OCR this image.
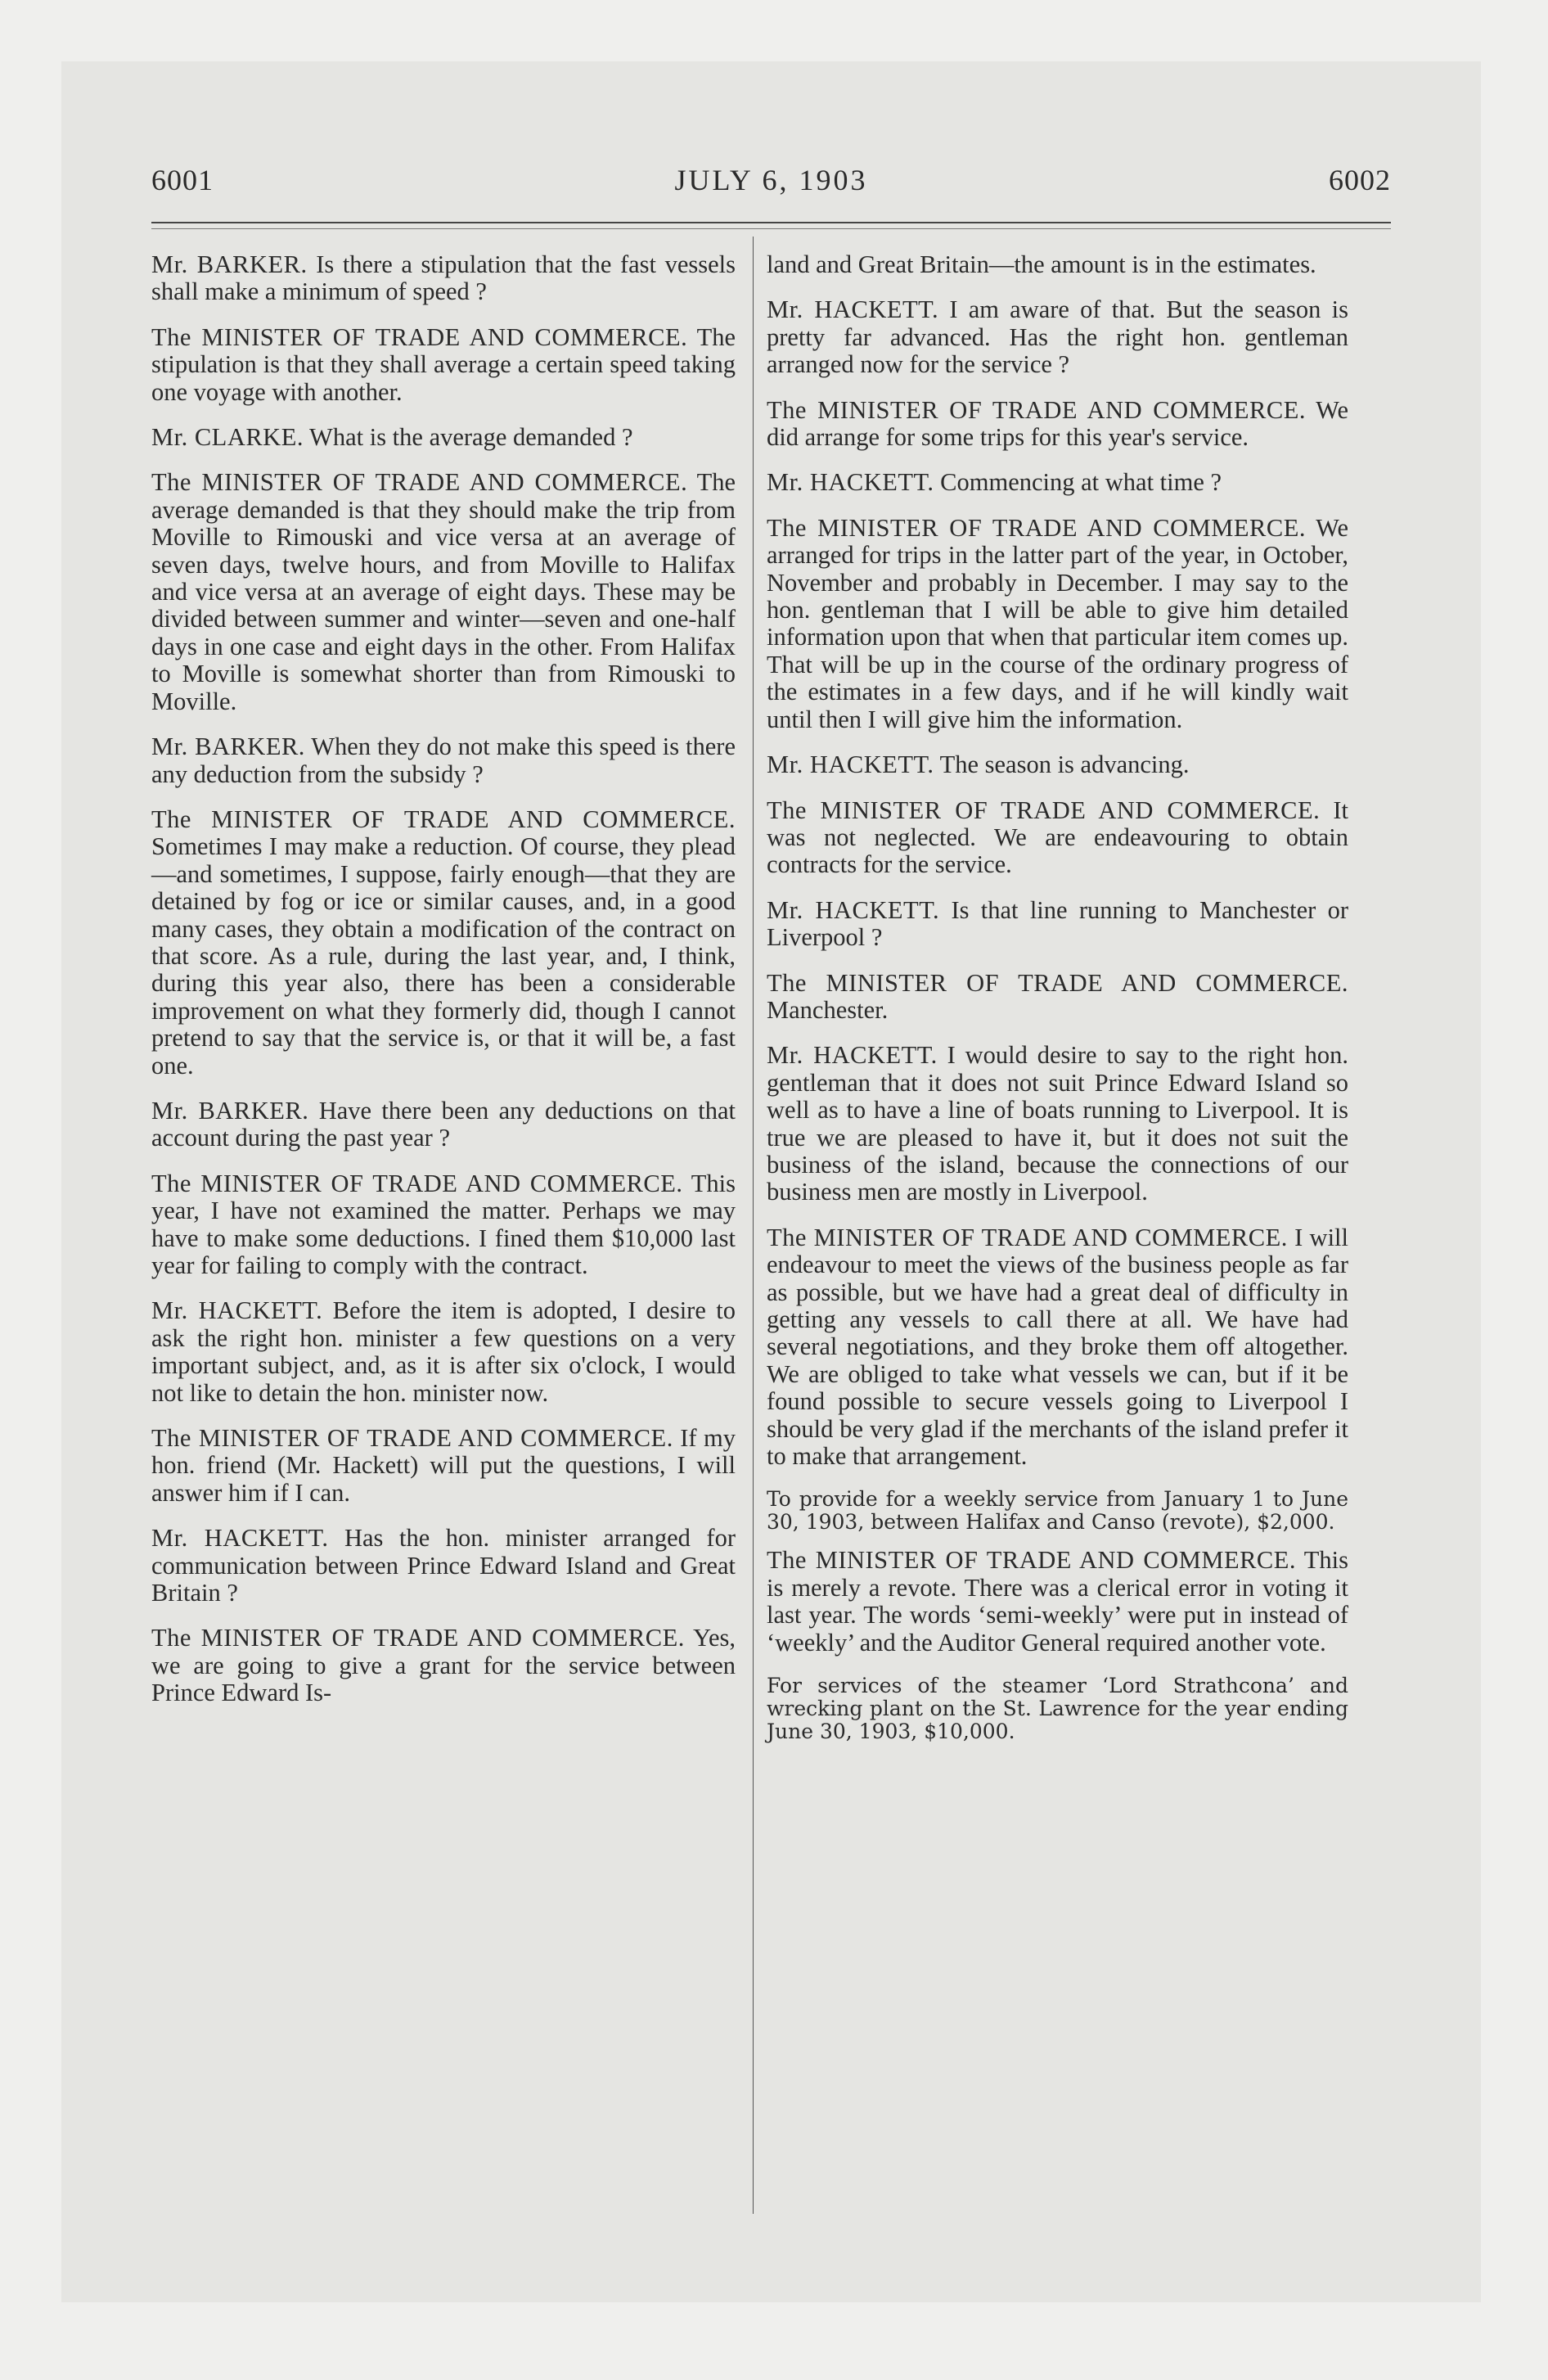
6001	JULY 6, 1903	6002

Mr. BARKER. Is there a stipulation that the fast vessels shall make a minimum of speed ?

The MINISTER OF TRADE AND COMMERCE. The stipulation is that they shall average a certain speed taking one voyage with another.

Mr. CLARKE. What is the average demanded ?

The MINISTER OF TRADE AND COMMERCE. The average demanded is that they should make the trip from Moville to Rimouski and vice versa at an average of seven days, twelve hours, and from Moville to Halifax and vice versa at an average of eight days. These may be divided between summer and winter—seven and one-half days in one case and eight days in the other. From Halifax to Moville is somewhat shorter than from Rimouski to Moville.

Mr. BARKER. When they do not make this speed is there any deduction from the subsidy ?

The MINISTER OF TRADE AND COMMERCE. Sometimes I may make a reduction. Of course, they plead—and sometimes, I suppose, fairly enough—that they are detained by fog or ice or similar causes, and, in a good many cases, they obtain a modification of the contract on that score. As a rule, during the last year, and, I think, during this year also, there has been a considerable improvement on what they formerly did, though I cannot pretend to say that the service is, or that it will be, a fast one.

Mr. BARKER. Have there been any deductions on that account during the past year ?

The MINISTER OF TRADE AND COMMERCE. This year, I have not examined the matter. Perhaps we may have to make some deductions. I fined them $10,000 last year for failing to comply with the contract.

Mr. HACKETT. Before the item is adopted, I desire to ask the right hon. minister a few questions on a very important subject, and, as it is after six o'clock, I would not like to detain the hon. minister now.

The MINISTER OF TRADE AND COMMERCE. If my hon. friend (Mr. Hackett) will put the questions, I will answer him if I can.

Mr. HACKETT. Has the hon. minister arranged for communication between Prince Edward Island and Great Britain ?

The MINISTER OF TRADE AND COMMERCE. Yes, we are going to give a grant for the service between Prince Edward Is-

land and Great Britain—the amount is in the estimates.

Mr. HACKETT. I am aware of that. But the season is pretty far advanced. Has the right hon. gentleman arranged now for the service ?

The MINISTER OF TRADE AND COMMERCE. We did arrange for some trips for this year's service.

Mr. HACKETT. Commencing at what time ?

The MINISTER OF TRADE AND COMMERCE. We arranged for trips in the latter part of the year, in October, November and probably in December. I may say to the hon. gentleman that I will be able to give him detailed information upon that when that particular item comes up. That will be up in the course of the ordinary progress of the estimates in a few days, and if he will kindly wait until then I will give him the information.

Mr. HACKETT. The season is advancing.

The MINISTER OF TRADE AND COMMERCE. It was not neglected. We are endeavouring to obtain contracts for the service.

Mr. HACKETT. Is that line running to Manchester or Liverpool ?

The MINISTER OF TRADE AND COMMERCE. Manchester.

Mr. HACKETT. I would desire to say to the right hon. gentleman that it does not suit Prince Edward Island so well as to have a line of boats running to Liverpool. It is true we are pleased to have it, but it does not suit the business of the island, because the connections of our business men are mostly in Liverpool.

The MINISTER OF TRADE AND COMMERCE. I will endeavour to meet the views of the business people as far as possible, but we have had a great deal of difficulty in getting any vessels to call there at all. We have had several negotiations, and they broke them off altogether. We are obliged to take what vessels we can, but if it be found possible to secure vessels going to Liverpool I should be very glad if the merchants of the island prefer it to make that arrangement.

To provide for a weekly service from January 1 to June 30, 1903, between Halifax and Canso (revote), $2,000.

The MINISTER OF TRADE AND COMMERCE. This is merely a revote. There was a clerical error in voting it last year. The words ‘semi-weekly’ were put in instead of ‘weekly’ and the Auditor General required another vote.

For services of the steamer ‘Lord Strathcona’ and wrecking plant on the St. Lawrence for the year ending June 30, 1903, $10,000.
